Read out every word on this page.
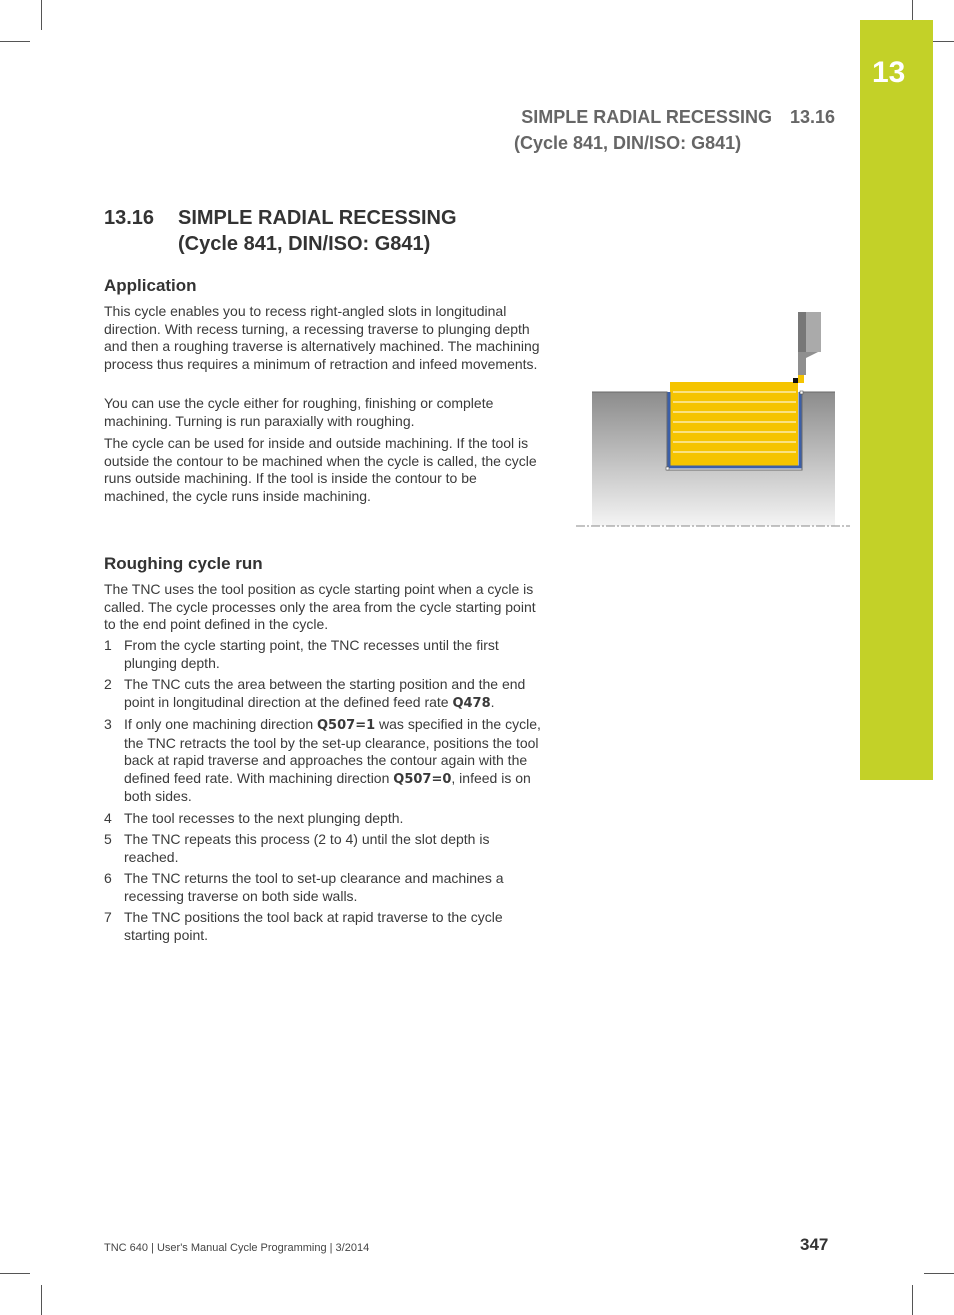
13
SIMPLE RADIAL RECESSING 13.16
(Cycle 841, DIN/ISO: G841)
13.16 SIMPLE RADIAL RECESSING
(Cycle 841, DIN/ISO: G841)
Application

This cycle enables you to recess right-angled slots in longitudinal direction. With recess turning, a recessing traverse to plunging depth and then a roughing traverse is alternatively machined. The machining process thus requires a minimum of retraction and infeed movements.

You can use the cycle either for roughing, finishing or complete machining. Turning is run paraxially with roughing.

The cycle can be used for inside and outside machining. If the tool is outside the contour to be machined when the cycle is called, the cycle runs outside machining. If the tool is inside the contour to be machined, the cycle runs inside machining.

Roughing cycle run

The TNC uses the tool position as cycle starting point when a cycle is called. The cycle processes only the area from the cycle starting point to the end point defined in the cycle.

1 From the cycle starting point, the TNC recesses until the first plunging depth.
2 The TNC cuts the area between the starting position and the end point in longitudinal direction at the defined feed rate Q478.
3 If only one machining direction Q507=1 was specified in the cycle, the TNC retracts the tool by the set-up clearance, positions the tool back at rapid traverse and approaches the contour again with the defined feed rate. With machining direction Q507=0, infeed is on both sides.
4 The tool recesses to the next plunging depth.
5 The TNC repeats this process (2 to 4) until the slot depth is reached.
6 The TNC returns the tool to set-up clearance and machines a recessing traverse on both side walls.
7 The TNC positions the tool back at rapid traverse to the cycle starting point.
TNC 640 | User's Manual Cycle Programming | 3/2014	347
